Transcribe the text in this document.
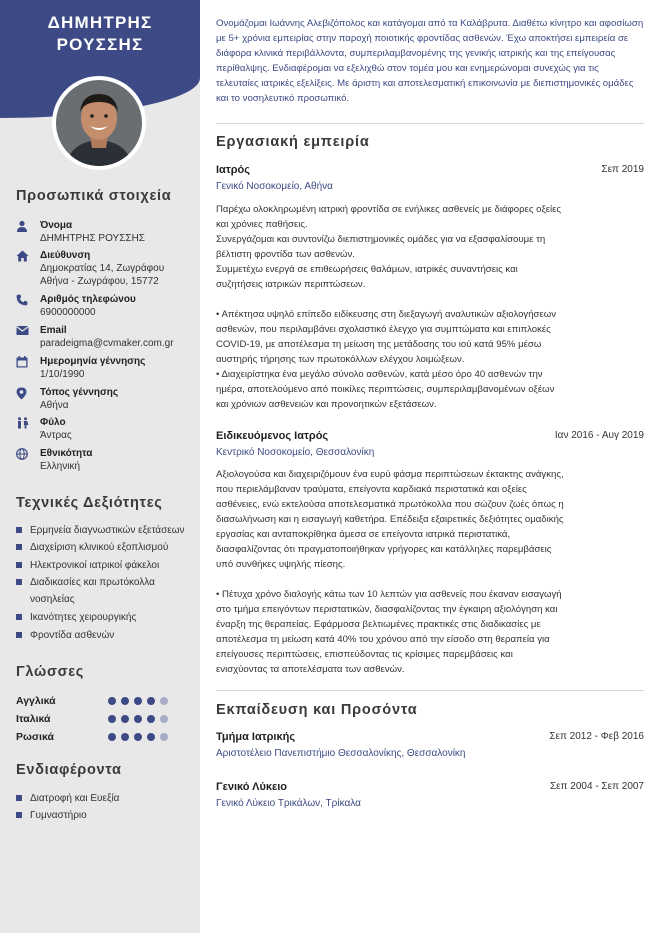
ΔΗΜΗΤΡΗΣ
ΡΟΥΣΣΗΣ
Προσωπικά στοιχεία
Όνομα
ΔΗΜΗΤΡΗΣ ΡΟΥΣΣΗΣ
Διεύθυνση
Δημοκρατίας 14, Ζωγράφου
Αθήνα - Ζωγράφου, 15772
Αριθμός τηλεφώνου
6900000000
Email
paradeigma@cvmaker.com.gr
Ημερομηνία γέννησης
1/10/1990
Τόπος γέννησης
Αθήνα
Φύλο
Άντρας
Εθνικότητα
Ελληνική
Τεχνικές Δεξιότητες
Ερμηνεία διαγνωστικών εξετάσεων
Διαχείριση κλινικού εξοπλισμού
Ηλεκτρονικοί ιατρικοί φάκελοι
Διαδικασίες και πρωτόκολλα νοσηλείας
Ικανότητες χειρουργικής
Φροντίδα ασθενών
Γλώσσες
Αγγλικά
Ιταλικά
Ρωσικά
Ενδιαφέροντα
Διατροφή και Ευεξία
Γυμναστήριο
Ονομάζομαι Ιωάννης Αλεβιζόπολος και κατάγομαι από τα Καλάβρυτα. Διαθέτω κίνητρο και αφοσίωση με 5+ χρόνια εμπειρίας στην παροχή ποιοτικής φροντίδας ασθενών. Έχω αποκτήσει εμπειρεία σε διάφορα κλινικά περιβάλλοντα, συμπεριλαμβανομένης της γενικής ιατρικής και της επείγουσας περίθαλψης. Ενδιαφέρομαι να εξελιχθώ στον τομέα μου και ενημερώνομαι συνεχώς για τις τελευταίες ιατρικές εξελίξεις. Με άριστη και αποτελεσματική επικοινωνία με διεπιστημονικές ομάδες και το νοσηλευτικό προσωπικό.
Εργασιακή εμπειρία
Ιατρός	Σεπ 2019
Γενικό Νοσοκομείο, Αθήνα

Παρέχω ολοκληρωμένη ιατρική φροντίδα σε ενήλικες ασθενείς με διάφορες οξείες και χρόνιες παθήσεις.
Συνεργάζομαι και συντονίζω διεπιστημονικές ομάδες για να εξασφαλίσουμε τη βέλτιστη φροντίδα των ασθενών.
Συμμετέχω ενεργά σε επιθεωρήσεις θαλάμων, ιατρικές συναντήσεις και συζητήσεις ιατρικών περιπτώσεων.

• Απέκτησα υψηλό επίπεδο ειδίκευσης στη διεξαγωγή αναλυτικών αξιολογήσεων ασθενών, που περιλαμβάνει σχολαστικό έλεγχο για συμπτώματα και επιπλοκές COVID-19, με αποτέλεσμα τη μείωση της μετάδοσης του ιού κατά 95% μέσω αυστηρής τήρησης των πρωτοκόλλων ελέγχου λοιμώξεων.
• Διαχειρίστηκα ένα μεγάλο σύνολο ασθενών, κατά μέσο όρο 40 ασθενών την ημέρα, αποτελούμενο από ποικίλες περιπτώσεις, συμπεριλαμβανομένων οξέων και χρόνιων ασθενειών και προνοητικών εξετάσεων.

Ειδικευόμενος Ιατρός	Ιαν 2016 - Αυγ 2019
Κεντρικό Νοσοκομείο, Θεσσαλονίκη

Αξιολογούσα και διαχειριζόμουν ένα ευρύ φάσμα περιπτώσεων έκτακτης ανάγκης, που περιελάμβαναν τραύματα, επείγοντα καρδιακά περιστατικά και οξείες ασθένειες, ενώ εκτελούσα αποτελεσματικά πρωτόκολλα που σώζουν ζωές όπως η διασωλήνωση και η εισαγωγή καθετήρα. Επέδειξα εξαιρετικές δεξιότητες ομαδικής εργασίας και ανταποκρίθηκα άμεσα σε επείγοντα ιατρικά περιστατικά, διασφαλίζοντας ότι πραγματοποιήθηκαν γρήγορες και κατάλληλες παρεμβάσεις υπό συνθήκες υψηλής πίεσης.

• Πέτυχα χρόνο διαλογής κάτω των 10 λεπτών για ασθενείς που έκαναν εισαγωγή στο τμήμα επειγόντων περιστατικών, διασφαλίζοντας την έγκαιρη αξιολόγηση και έναρξη της θεραπείας. Εφάρμοσα βελτιωμένες πρακτικές στις διαδικασίες με αποτέλεσμα τη μείωση κατά 40% του χρόνου από την είσοδο στη θεραπεία για επείγουσες περιπτώσεις, επισπεύδοντας τις κρίσιμες παρεμβάσεις και ενισχύοντας τα αποτελέσματα των ασθενών.

Εκπαίδευση και Προσόντα
Τμήμα Ιατρικής	Σεπ 2012 - Φεβ 2016
Αριστοτέλειο Πανεπιστήμιο Θεσσαλονίκης, Θεσσαλονίκη
Γενικό Λύκειο	Σεπ 2004 - Σεπ 2007
Γενικό Λύκειο Τρικάλων, Τρίκαλα
